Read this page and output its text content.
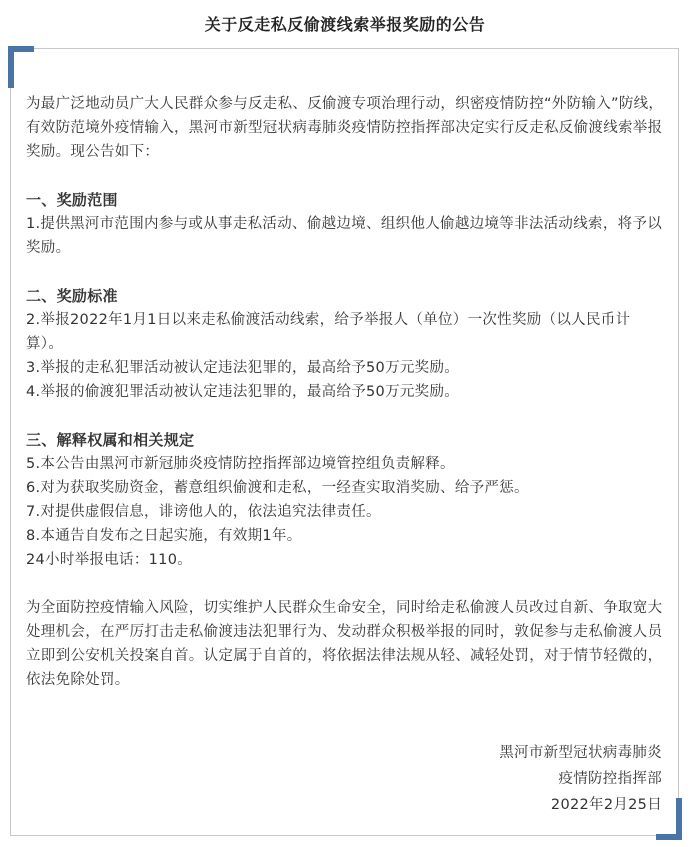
关于反走私反偷渡线索举报奖励的公告

为最广泛地动员广大人民群众参与反走私、反偷渡专项治理行动，织密疫情防控“外防输入”防线，有效防范境外疫情输入，黑河市新型冠状病毒肺炎疫情防控指挥部决定实行反走私反偷渡线索举报奖励。现公告如下：

一、奖励范围

1.提供黑河市范围内参与或从事走私活动、偷越边境、组织他人偷越边境等非法活动线索，将予以奖励。

二、奖励标准

2.举报2022年1月1日以来走私偷渡活动线索，给予举报人（单位）一次性奖励（以人民币计算）。

3.举报的走私犯罪活动被认定违法犯罪的，最高给予50万元奖励。

4.举报的偷渡犯罪活动被认定违法犯罪的，最高给予50万元奖励。

三、解释权属和相关规定

5.本公告由黑河市新冠肺炎疫情防控指挥部边境管控组负责解释。

6.对为获取奖励资金，蓄意组织偷渡和走私，一经查实取消奖励、给予严惩。

7.对提供虚假信息，诽谤他人的，依法追究法律责任。

8.本通告自发布之日起实施，有效期1年。

24小时举报电话：110。

为全面防控疫情输入风险，切实维护人民群众生命安全，同时给走私偷渡人员改过自新、争取宽大处理机会，在严厉打击走私偷渡违法犯罪行为、发动群众积极举报的同时，敦促参与走私偷渡人员立即到公安机关投案自首。认定属于自首的，将依据法律法规从轻、减轻处罚，对于情节轻微的，依法免除处罚。

黑河市新型冠状病毒肺炎
疫情防控指挥部
2022年2月25日
